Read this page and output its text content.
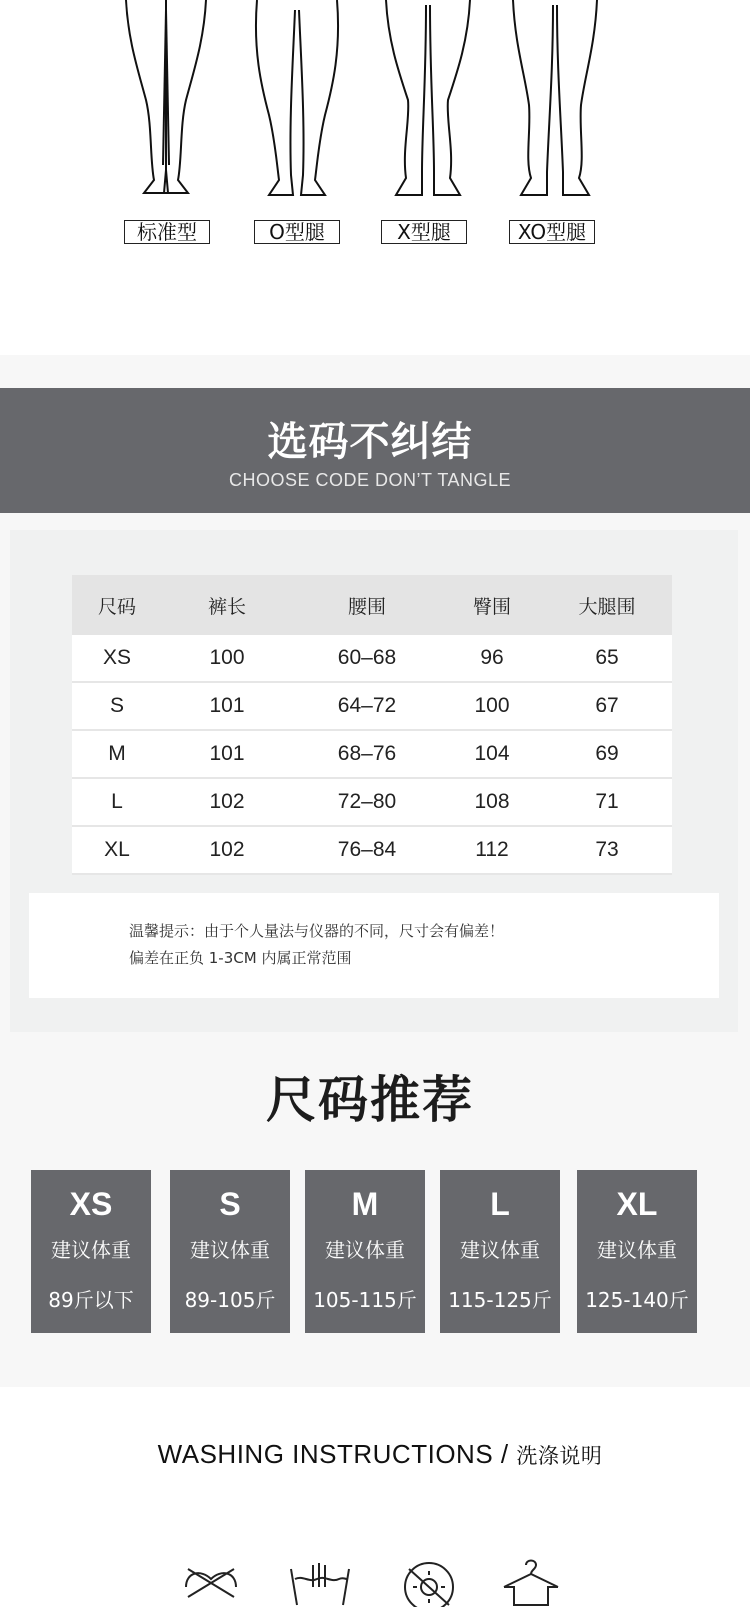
标准型	O型腿	X型腿	XO型腿
选码不纠结
CHOOSE CODE DON’T TANGLE
尺码	裤长	腰围	臀围	大腿围
XS	100	60–68	96	65
S	101	64–72	100	67
M	101	68–76	104	69
L	102	72–80	108	71
XL	102	76–84	112	73
温馨提示：由于个人量法与仪器的不同，尺寸会有偏差！
偏差在正负 1-3CM 内属正常范围
尺码推荐
XS
建议体重
89斤以下
S
建议体重
89-105斤
M
建议体重
105-115斤
L
建议体重
115-125斤
XL
建议体重
125-140斤
WASHING INSTRUCTIONS / 洗涤说明
